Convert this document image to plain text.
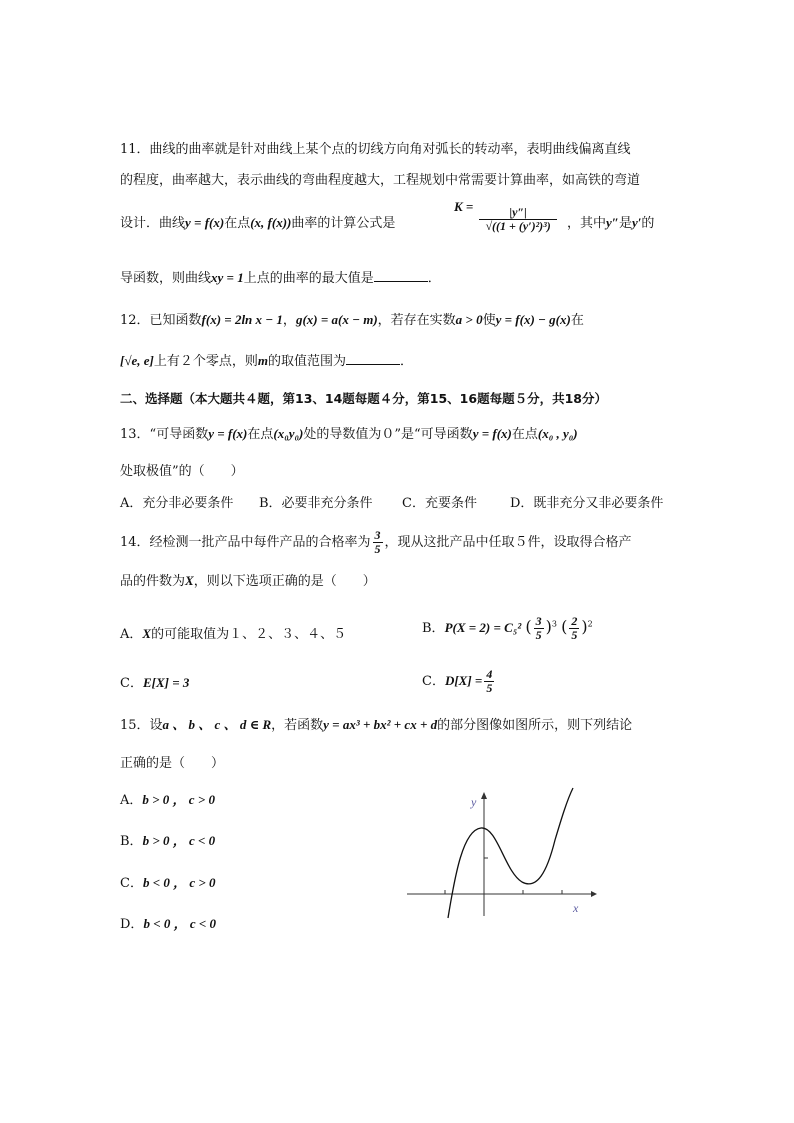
11．曲线的曲率就是针对曲线上某个点的切线方向角对弧长的转动率，表明曲线偏离直线
的程度，曲率越大，表示曲线的弯曲程度越大，工程规划中常需要计算曲率，如高铁的弯道
设计．曲线y = f(x)在点(x, f(x))曲率的计算公式是
$K = \frac{|y''|}{\text{√((1 + (y′)²)³)}}$ ，其中y″是y′的
导函数，则曲线xy = 1上点的曲率的最大值是	．
12．已知函数f(x) = 2ln x − 1，g(x) = a(x − m)，若存在实数a > 0使y = f(x) − g(x)在
[√e, e]上有２个零点，则m的取值范围为	．
二、选择题（本大题共４题，第13、14题每题４分，第15、16题每题５分，共18分）
13．“可导函数y = f(x)在点(x₀y₀)处的导数值为０”是“可导函数y = f(x)在点(x₀ , y₀)
处取极值”的（　　）
A．充分非必要条件 B．必要非充分条件 C．充要条件	D．既非充分又非必要条件
14．经检测一批产品中每件产品的合格率为 $\frac{3}{5}$ ，现从这批产品中任取５件，设取得合格产
品的件数为X，则以下选项正确的是（　　）
A．X的可能取值为１、２、３、４、５	B．P(X = 2) = C₅² ( $\frac{3}{5} )^3$ ( $\frac{2}{5} )^2$
C．E[X] = 3	C．$D[X] = \frac{4}{5}$
15．设a 、 b 、 c 、 d ∈ R，若函数y = ax³ + bx² + cx + d的部分图像如图所示，则下列结论
正确的是（　　）
A．b > 0 ， c > 0
B．b > 0 ， c < 0
C．b < 0 ， c > 0
D．b < 0 ， c < 0
y
x
